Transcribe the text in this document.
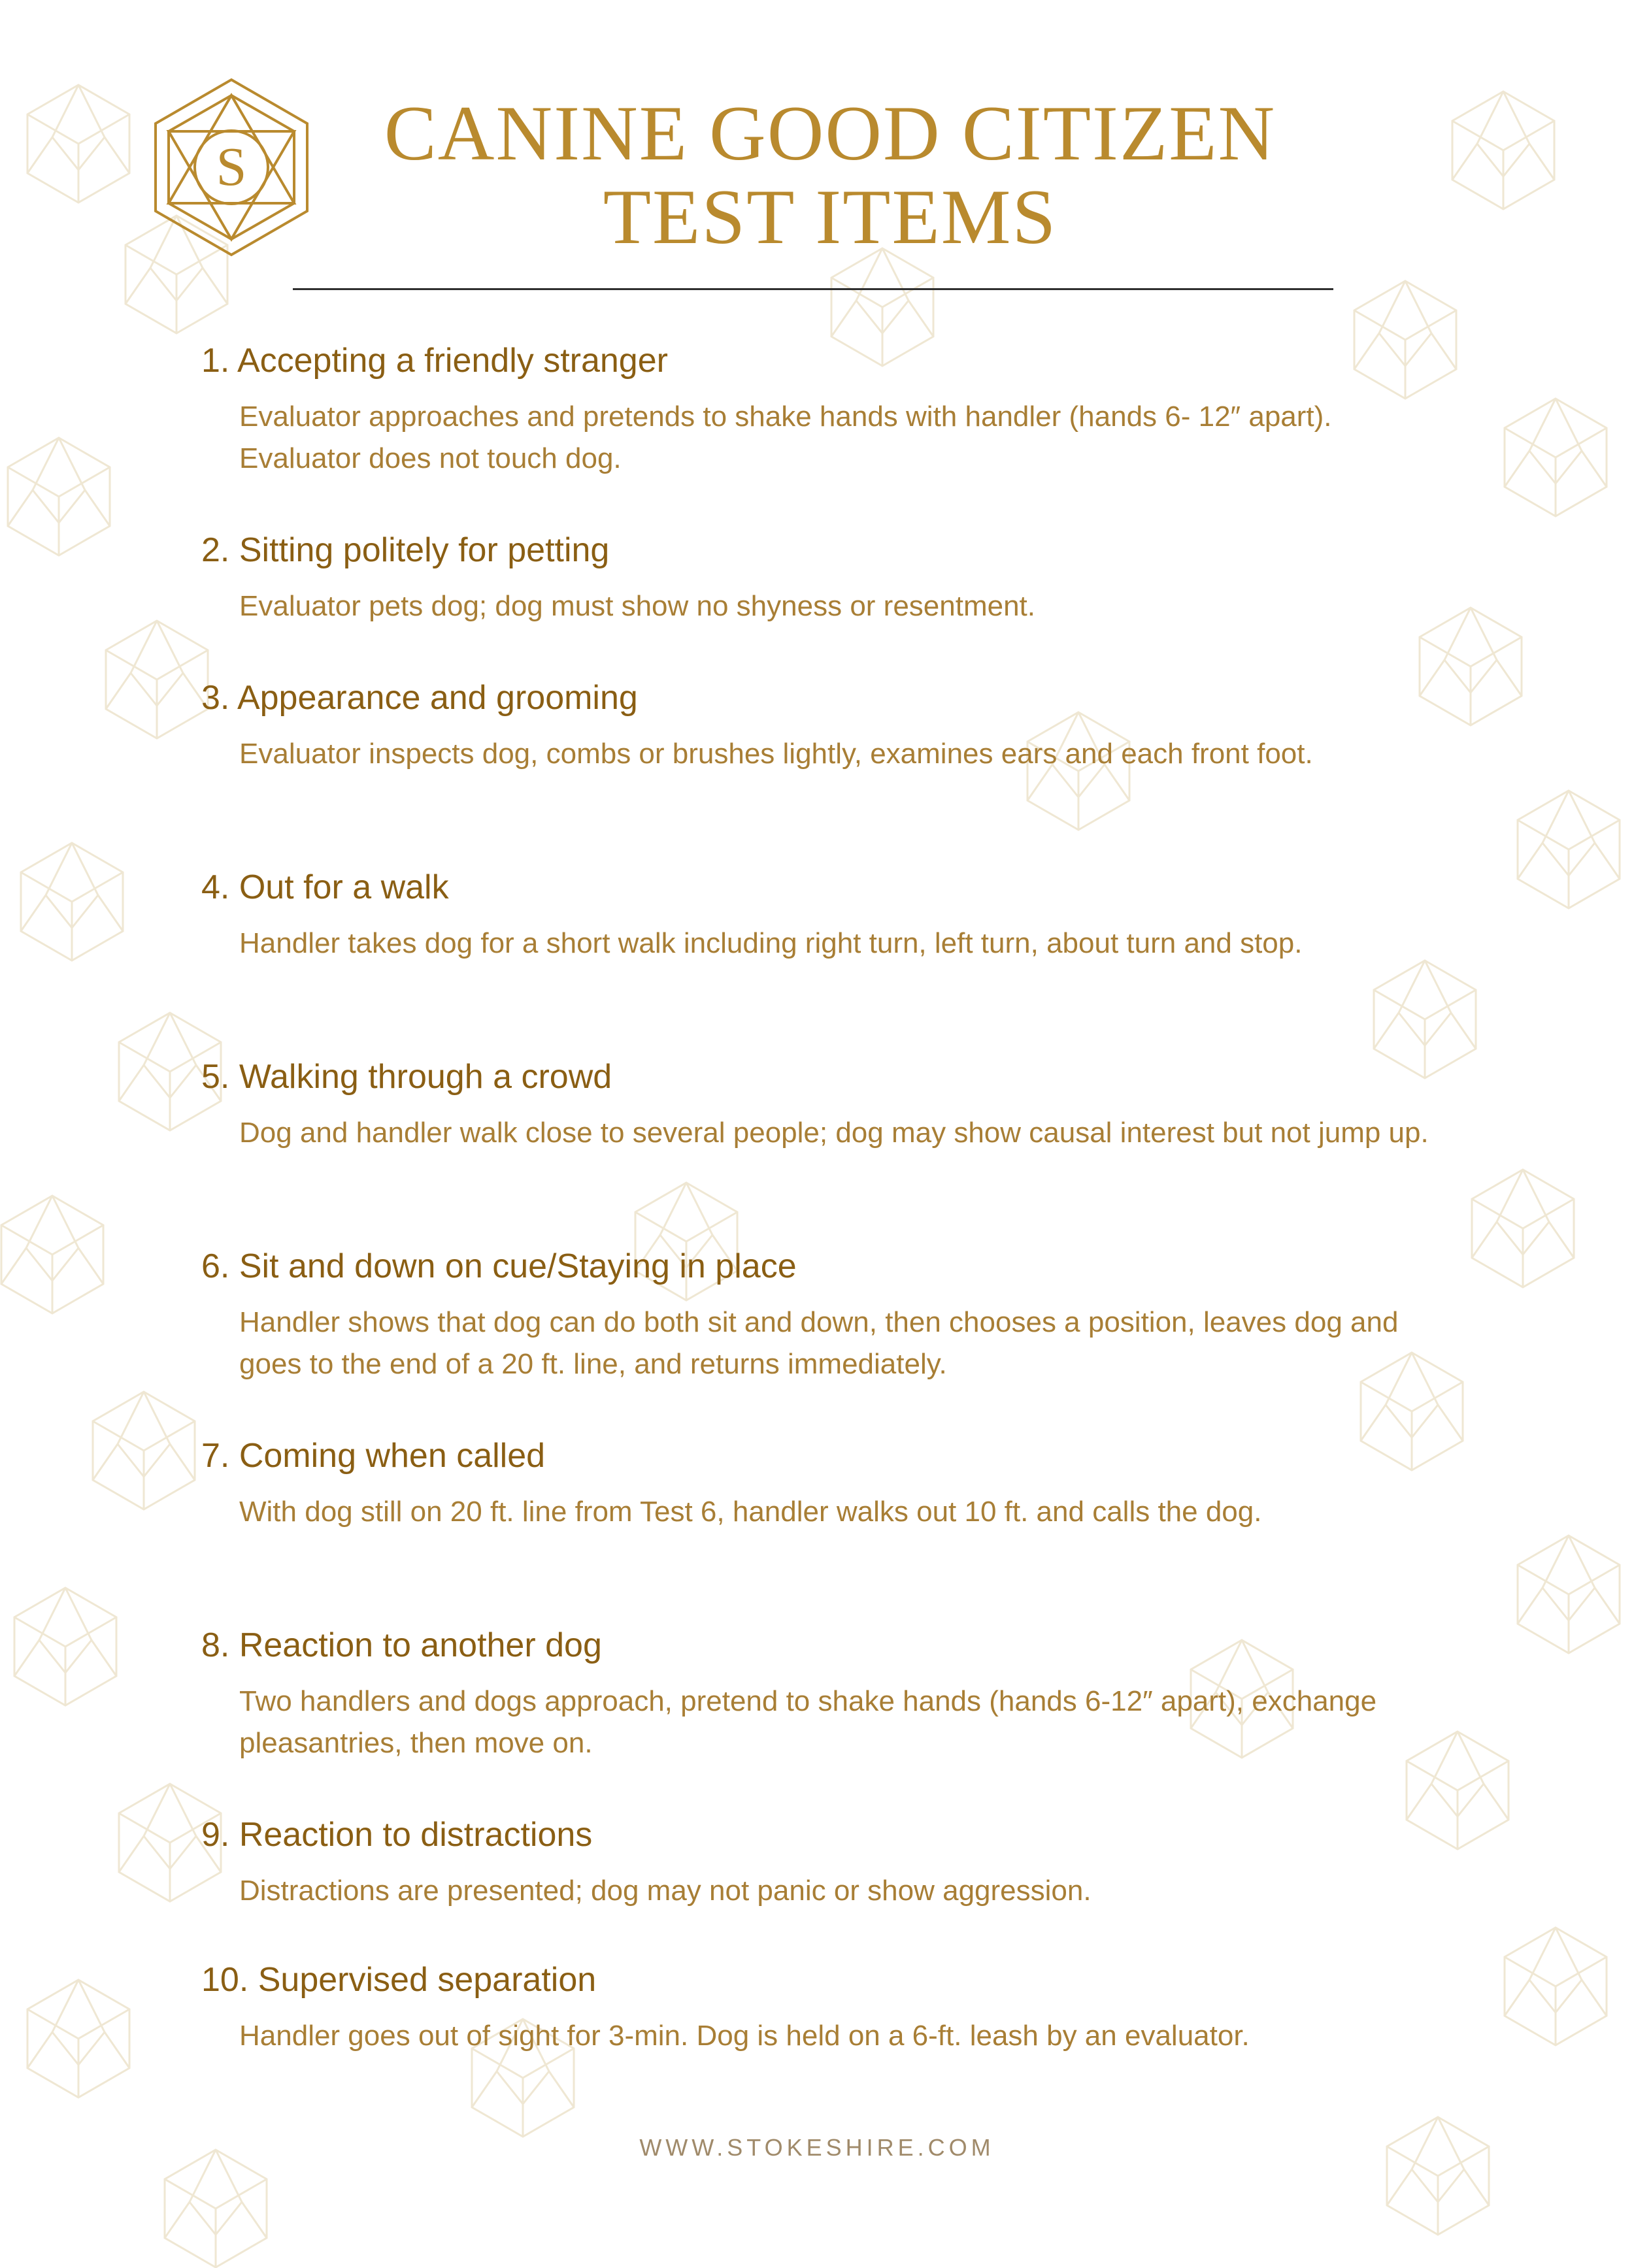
S	CANINE GOOD CITIZEN
TEST ITEMS
1. Accepting a friendly stranger
Evaluator approaches and pretends to shake hands with handler (hands 6- 12″ apart). Evaluator does not touch dog.
2. Sitting politely for petting
Evaluator pets dog; dog must show no shyness or resentment.
3. Appearance and grooming
Evaluator inspects dog, combs or brushes lightly, examines ears and each front foot.
4. Out for a walk
Handler takes dog for a short walk including right turn, left turn, about turn and stop.
5. Walking through a crowd
Dog and handler walk close to several people; dog may show causal interest but not jump up.
6. Sit and down on cue/Staying in place
Handler shows that dog can do both sit and down, then chooses a position, leaves dog and goes to the end of a 20 ft. line, and returns immediately.
7. Coming when called
With dog still on 20 ft. line from Test 6, handler walks out 10 ft. and calls the dog.
8. Reaction to another dog
Two handlers and dogs approach, pretend to shake hands (hands 6-12″ apart), exchange pleasantries, then move on.
9. Reaction to distractions
Distractions are presented; dog may not panic or show aggression.
10. Supervised separation
Handler goes out of sight for 3-min. Dog is held on a 6-ft. leash by an evaluator.
WWW.STOKESHIRE.COM
